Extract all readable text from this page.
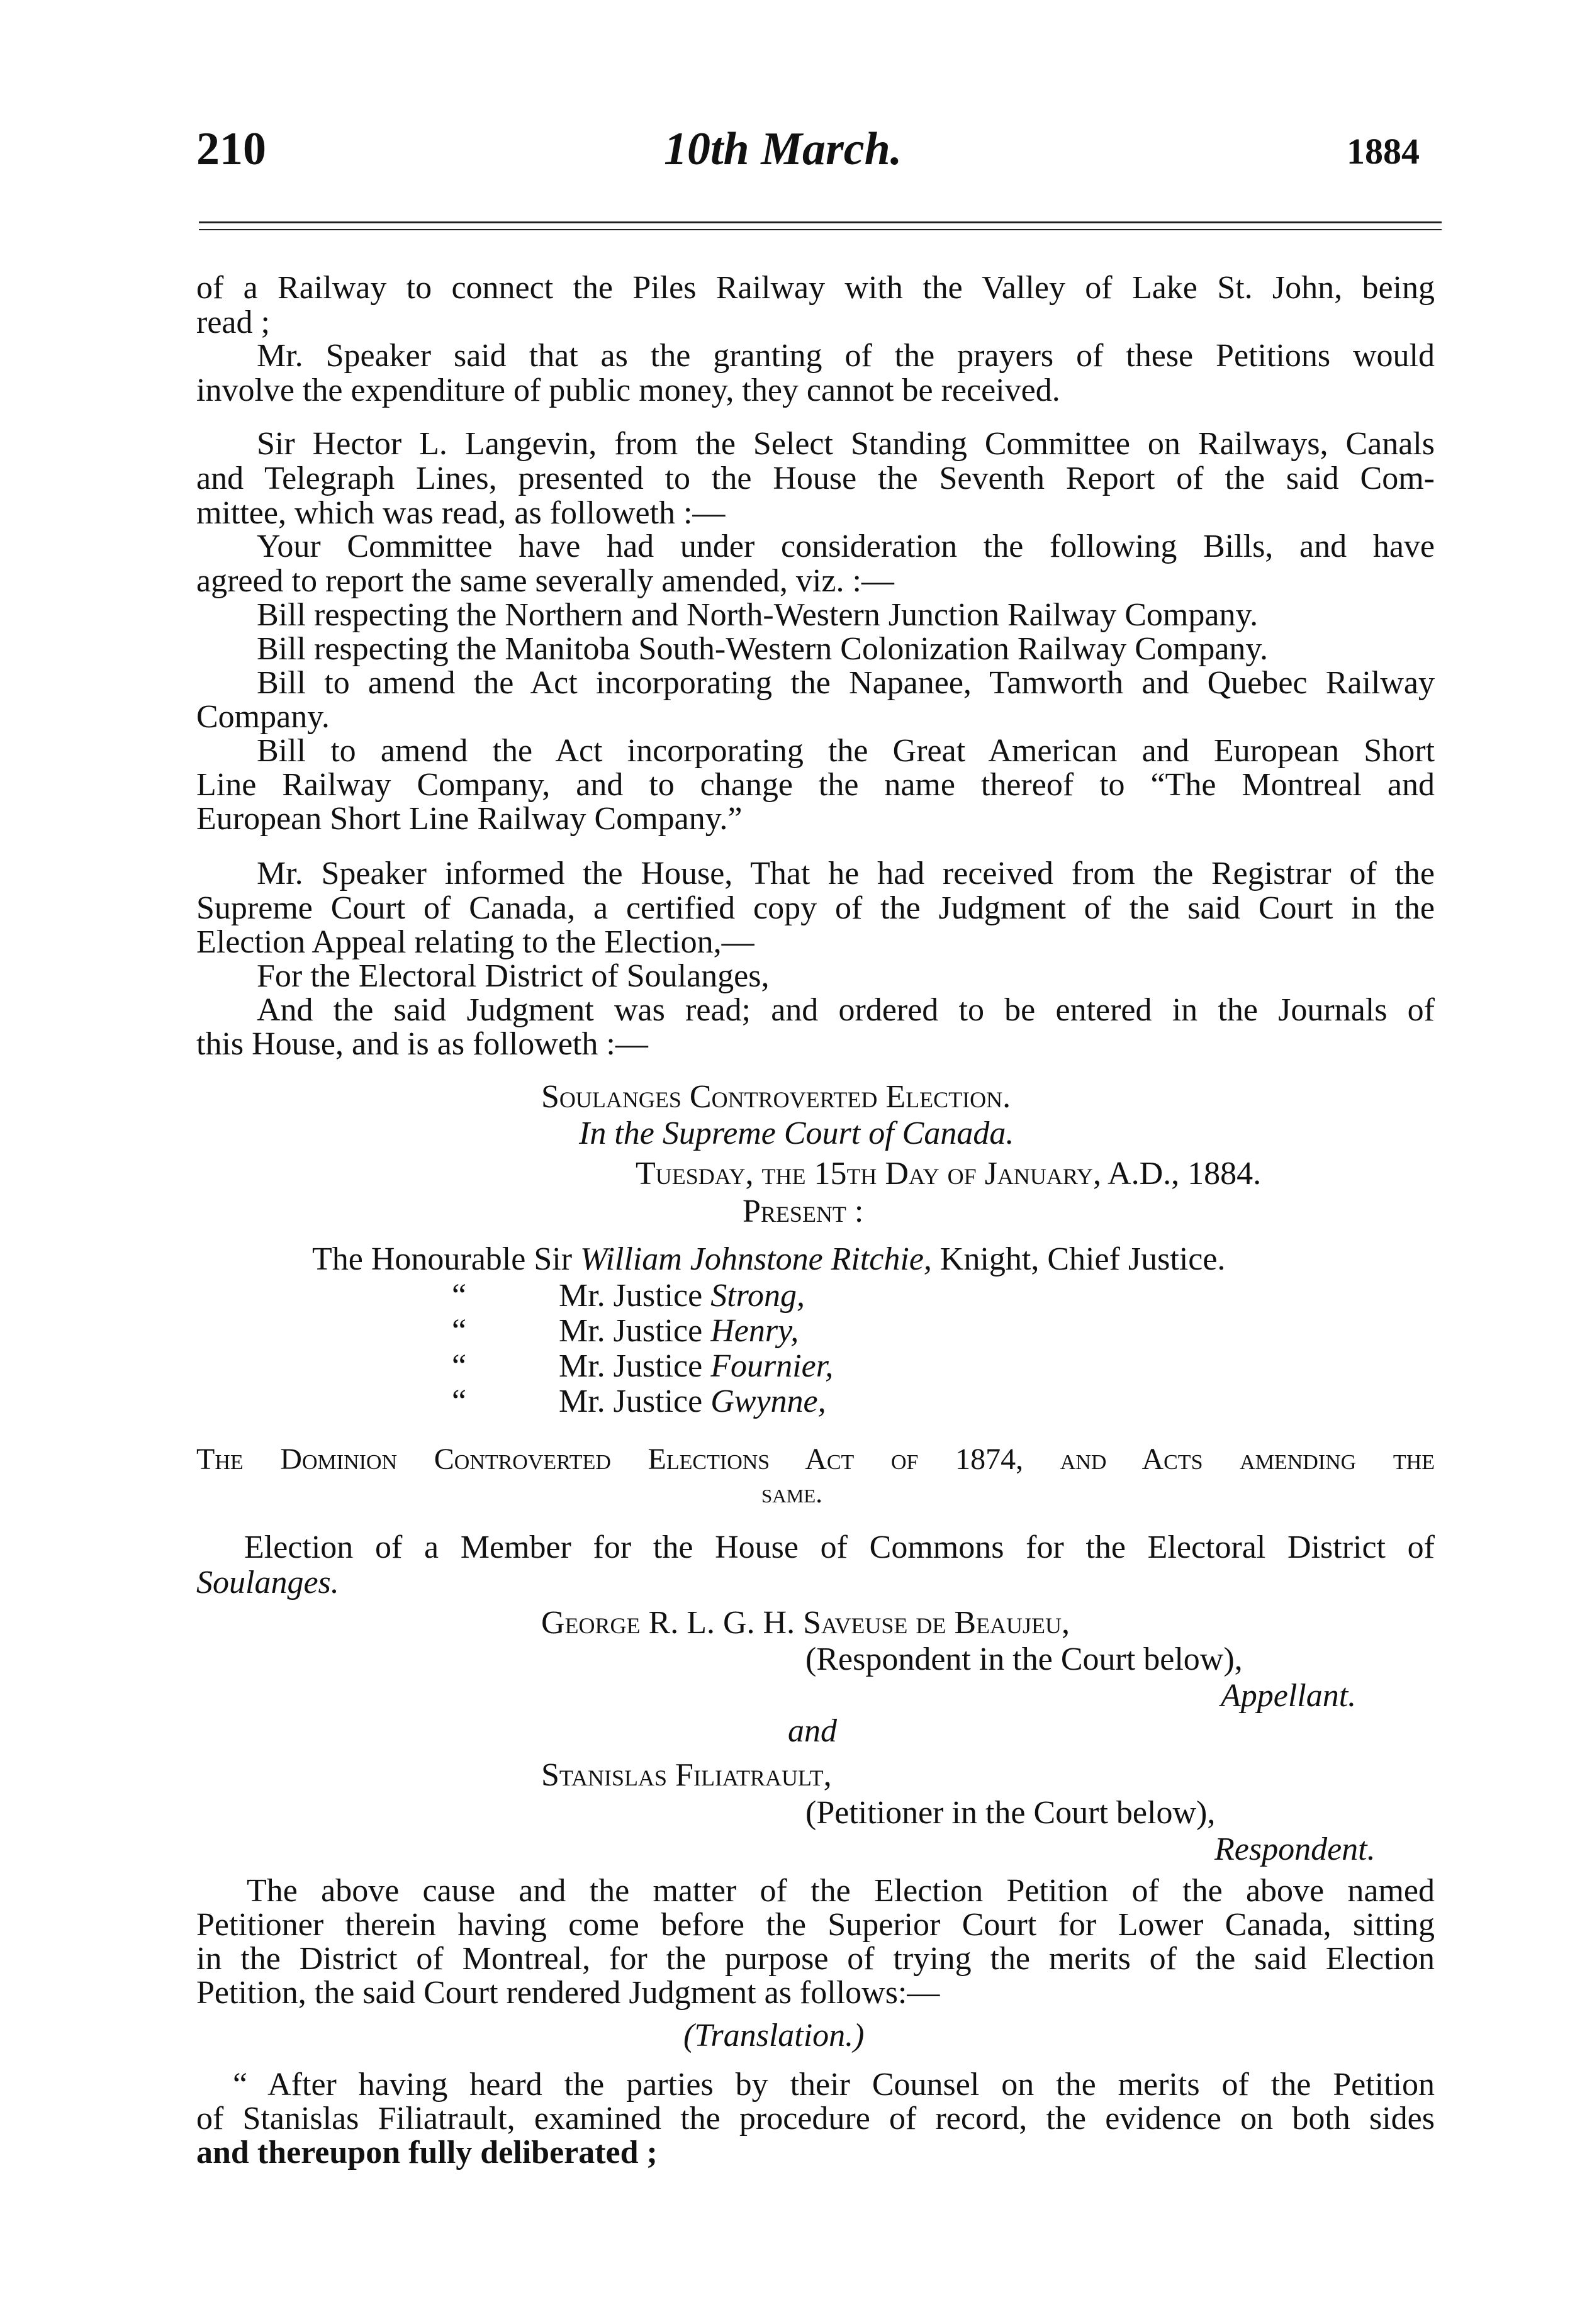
210	10th March.	1884
of a Railway to connect the Piles Railway with the Valley of Lake St. John, being
read ;
Mr. Speaker said that as the granting of the prayers of these Petitions would
involve the expenditure of public money, they cannot be received.
Sir Hector L. Langevin, from the Select Standing Committee on Railways, Canals
and Telegraph Lines, presented to the House the Seventh Report of the said Com-
mittee, which was read, as followeth :—
Your Committee have had under consideration the following Bills, and have
agreed to report the same severally amended, viz. :—
Bill respecting the Northern and North-Western Junction Railway Company.
Bill respecting the Manitoba South-Western Colonization Railway Company.
Bill to amend the Act incorporating the Napanee, Tamworth and Quebec Railway
Company.
Bill to amend the Act incorporating the Great American and European Short
Line Railway Company, and to change the name thereof to “The Montreal and
European Short Line Railway Company.”
Mr. Speaker informed the House, That he had received from the Registrar of the
Supreme Court of Canada, a certified copy of the Judgment of the said Court in the
Election Appeal relating to the Election,—
For the Electoral District of Soulanges,
And the said Judgment was read; and ordered to be entered in the Journals of
this House, and is as followeth :—
Soulanges Controverted Election.
In the Supreme Court of Canada.
Tuesday, the 15th Day of January, A.D., 1884.
Present :
The Honourable Sir William Johnstone Ritchie, Knight, Chief Justice.
“	Mr. Justice Strong,
“	Mr. Justice Henry,
“	Mr. Justice Fournier,
“	Mr. Justice Gwynne,
The Dominion Controverted Elections Act of 1874, and Acts amending the
same.
Election of a Member for the House of Commons for the Electoral District of
Soulanges.
George R. L. G. H. Saveuse de Beaujeu,
(Respondent in the Court below),
Appellant.
and
Stanislas Filiatrault,
(Petitioner in the Court below),
Respondent.
The above cause and the matter of the Election Petition of the above named
Petitioner therein having come before the Superior Court for Lower Canada, sitting
in the District of Montreal, for the purpose of trying the merits of the said Election
Petition, the said Court rendered Judgment as follows:—
(Translation.)
“ After having heard the parties by their Counsel on the merits of the Petition
of Stanislas Filiatrault, examined the procedure of record, the evidence on both sides
and thereupon fully deliberated ;
